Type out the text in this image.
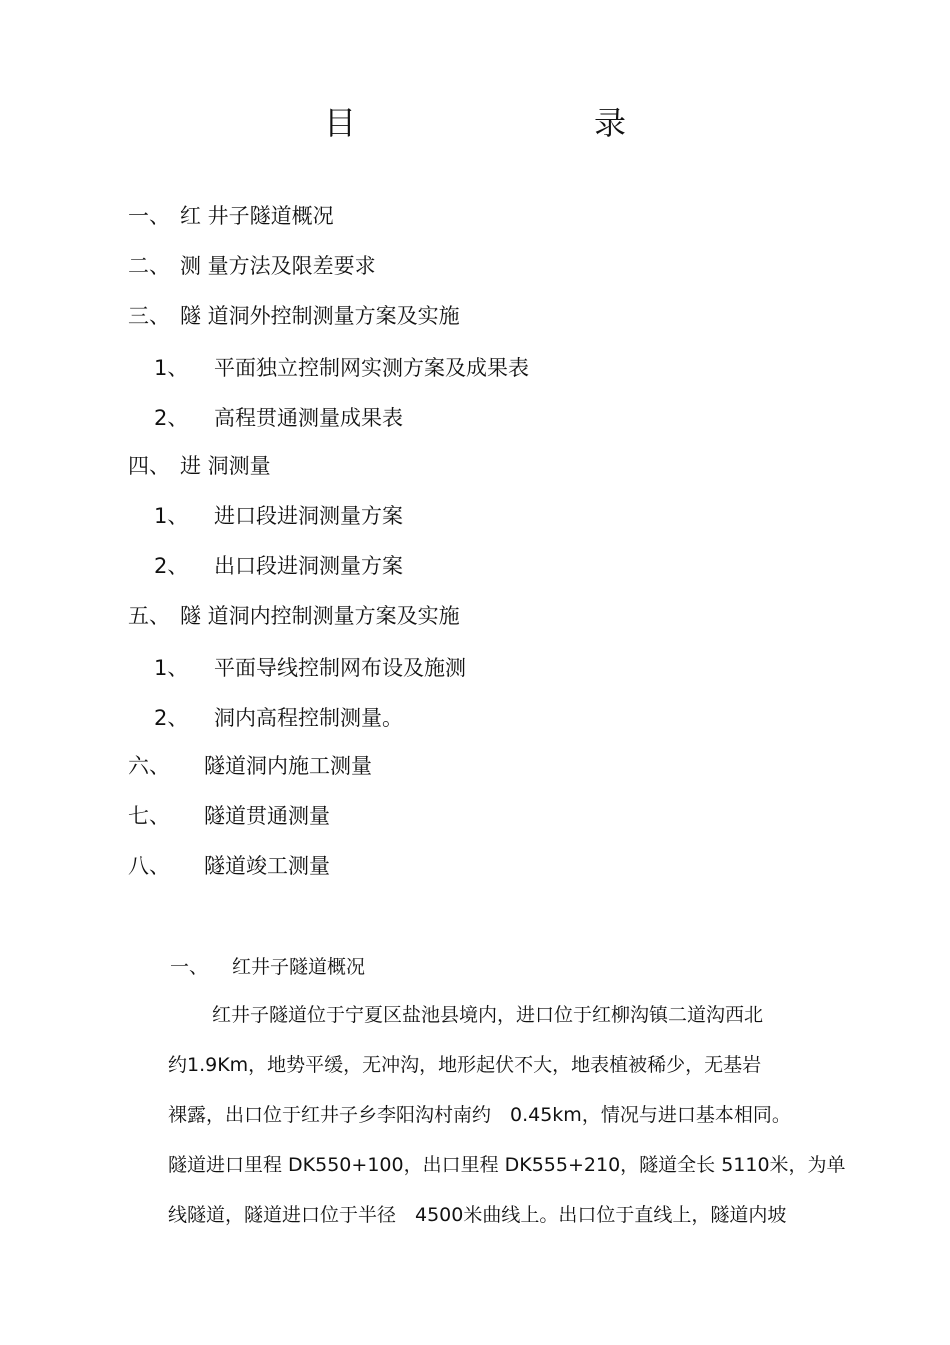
目　　录
一、 红 井子隧道概况
二、 测 量方法及限差要求
三、 隧 道洞外控制测量方案及实施
1、 平面独立控制网实测方案及成果表
2、 高程贯通测量成果表
四、 进 洞测量
1、 进口段进洞测量方案
2、 出口段进洞测量方案
五、 隧 道洞内控制测量方案及实施
1、 平面导线控制网布设及施测
2、 洞内高程控制测量。
六、 隧道洞内施工测量
七、 隧道贯通测量
八、 隧道竣工测量
一、 红井子隧道概况
红井子隧道位于宁夏区盐池县境内，进口位于红柳沟镇二道沟西北
约1.9Km，地势平缓，无冲沟，地形起伏不大，地表植被稀少，无基岩
裸露，出口位于红井子乡李阳沟村南约　0.45km，情况与进口基本相同。
隧道进口里程 DK550+100，出口里程 DK555+210，隧道全长 5110米，为单
线隧道，隧道进口位于半径　4500米曲线上。出口位于直线上，隧道内坡
